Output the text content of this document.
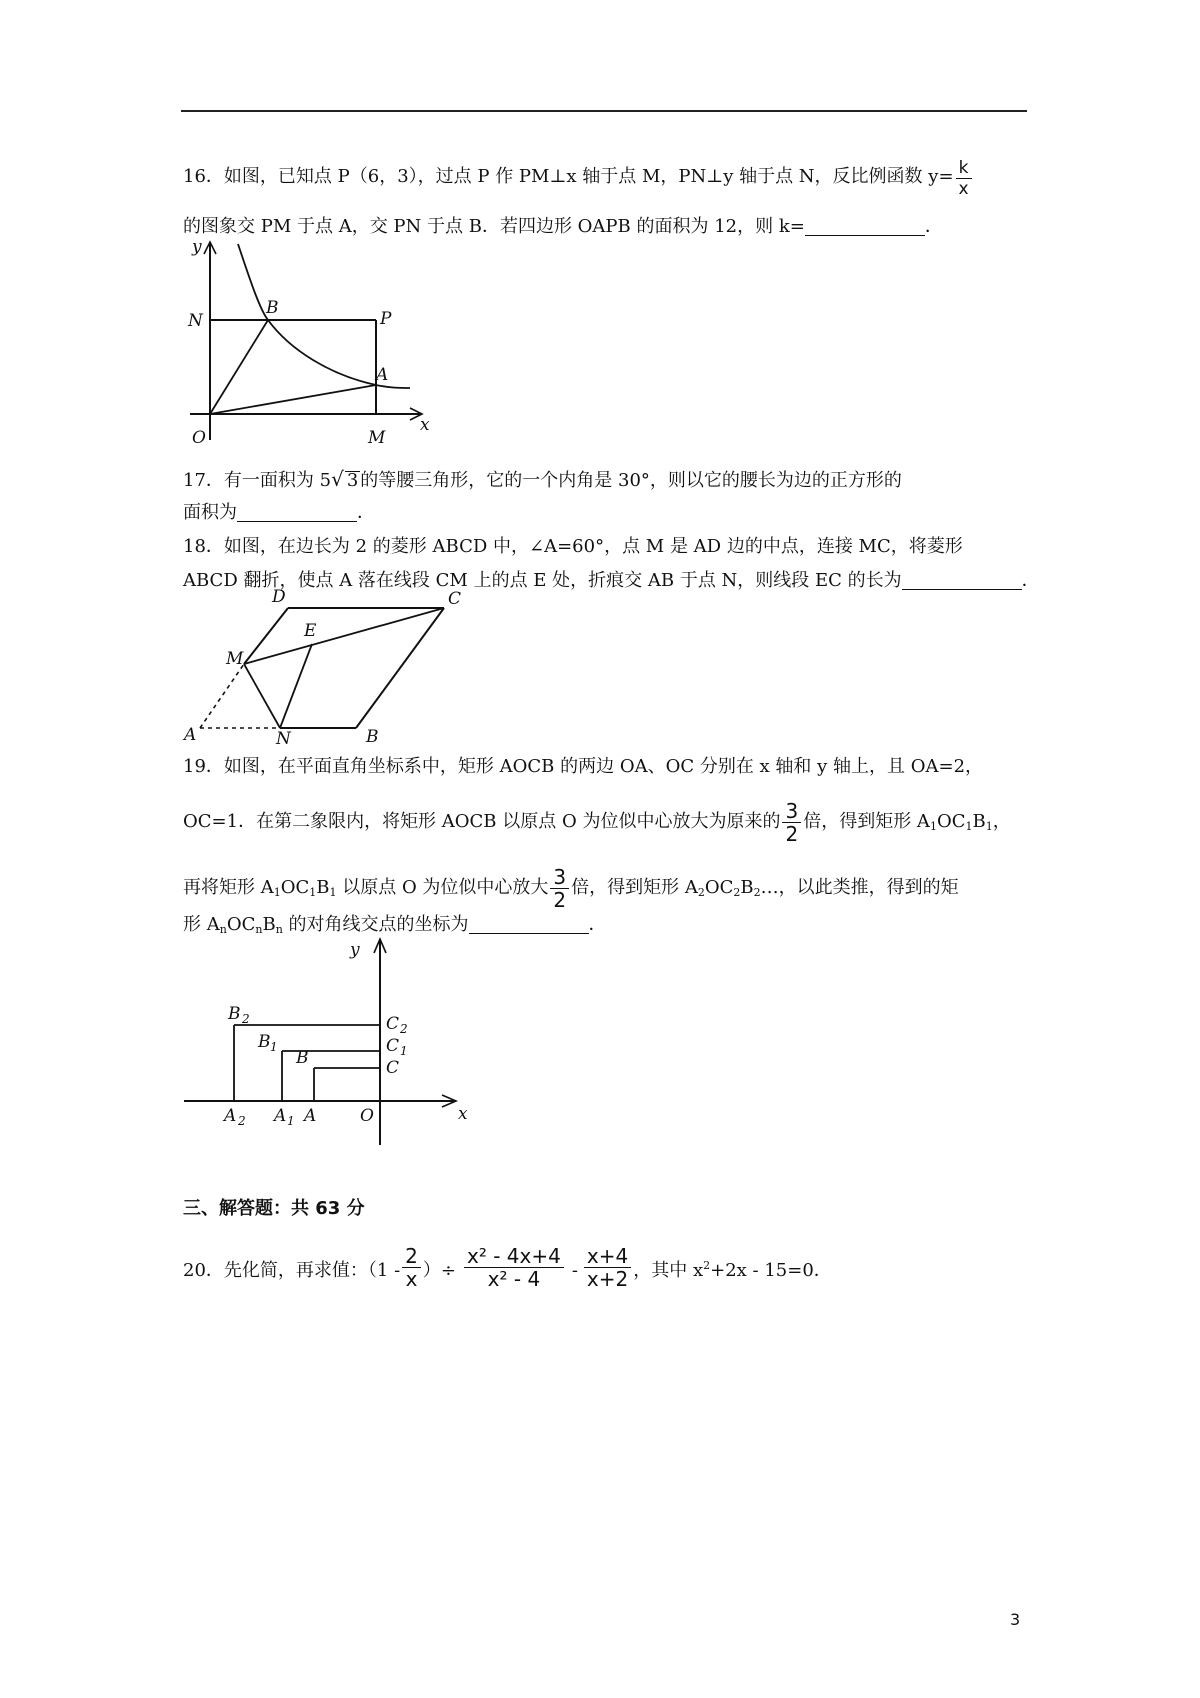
16．如图，已知点 P（6，3），过点 P 作 PM⊥x 轴于点 M，PN⊥y 轴于点 N，反比例函数 $y= \frac{k}{x}$
的图象交 PM 于点 A，交 PN 于点 B．若四边形 OAPB 的面积为 12，则 k=	．
y
x
N	P
B
A
O	M
17．有一面积为 5√ 3 的等腰三角形，它的一个内角是 30°，则以它的腰长为边的正方形的
面积为	．
18．如图，在边长为 2 的菱形 ABCD 中，∠A=60°，点 M 是 AD 边的中点，连接 MC，将菱形
ABCD 翻折，使点 A 落在线段 CM 上的点 E 处，折痕交 AB 于点 N，则线段 EC 的长为	．
D	C
E
M
A	N	B
19．如图，在平面直角坐标系中，矩形 AOCB 的两边 OA、OC 分别在 x 轴和 y 轴上，且 OA=2，
OC=1．在第二象限内，将矩形 AOCB 以原点 O 为位似中心放大为原来的 $\frac{3}{2}$ 倍，得到矩形 $A_1OC_1B_1$，
再将矩形 $A_1OC_1B_1$ 以原点 O 为位似中心放大 $\frac{3}{2}$ 倍，得到矩形 $A_2OC_2B_2\dots$，以此类推，得到的矩
形 $A_nOC_nB_n$ 的对角线交点的坐标为	．
y
x
B 2
B 1
B
C 2
C 1
C
A 2 A 1 A	O
三、解答题：共 63 分
20．先化简，再求值：（$1 - \frac{2}{x}$ ）÷ $\frac{\text{x² - 4x+4}}{\text{x² - 4}} - \frac{x+4}{x+2}$ ，其中 $x^2+2x - 15=0$．
3
